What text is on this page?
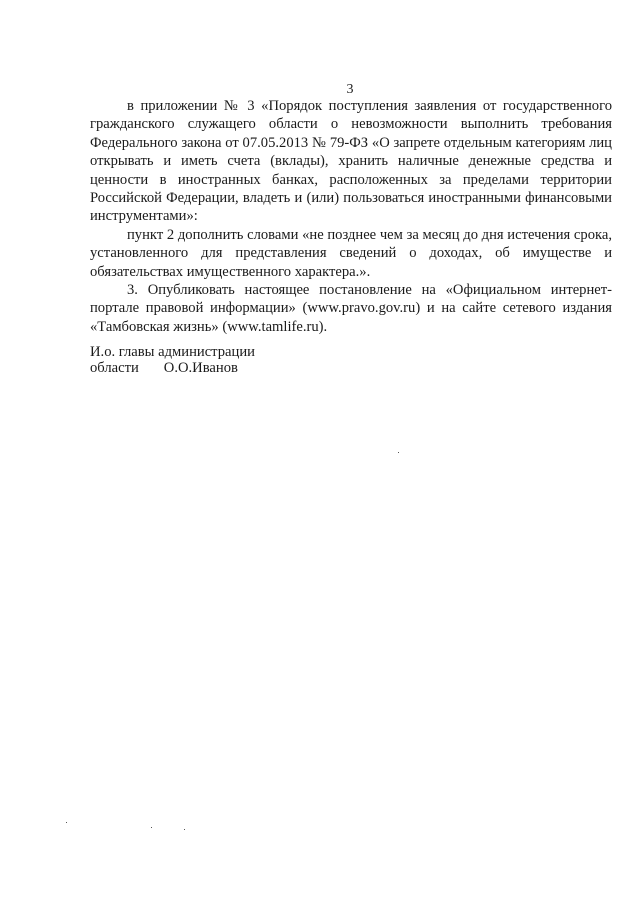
3

в приложении № 3 «Порядок поступления заявления от государственного гражданского служащего области о невозможности выполнить требования Федерального закона от 07.05.2013 № 79-ФЗ «О запрете отдельным категориям лиц открывать и иметь счета (вклады), хранить наличные денежные средства и ценности в иностранных банках, расположенных за пределами территории Российской Федерации, владеть и (или) пользоваться иностранными финансовыми инструментами»:

пункт 2 дополнить словами «не позднее чем за месяц до дня истечения срока, установленного для представления сведений о доходах, об имуществе и обязательствах имущественного характера.».

3. Опубликовать настоящее постановление на «Официальном интернет-портале правовой информации» (www.pravo.gov.ru) и на сайте сетевого издания «Тамбовская жизнь» (www.tamlife.ru).

И.о. главы администрации
области О.О.Иванов
